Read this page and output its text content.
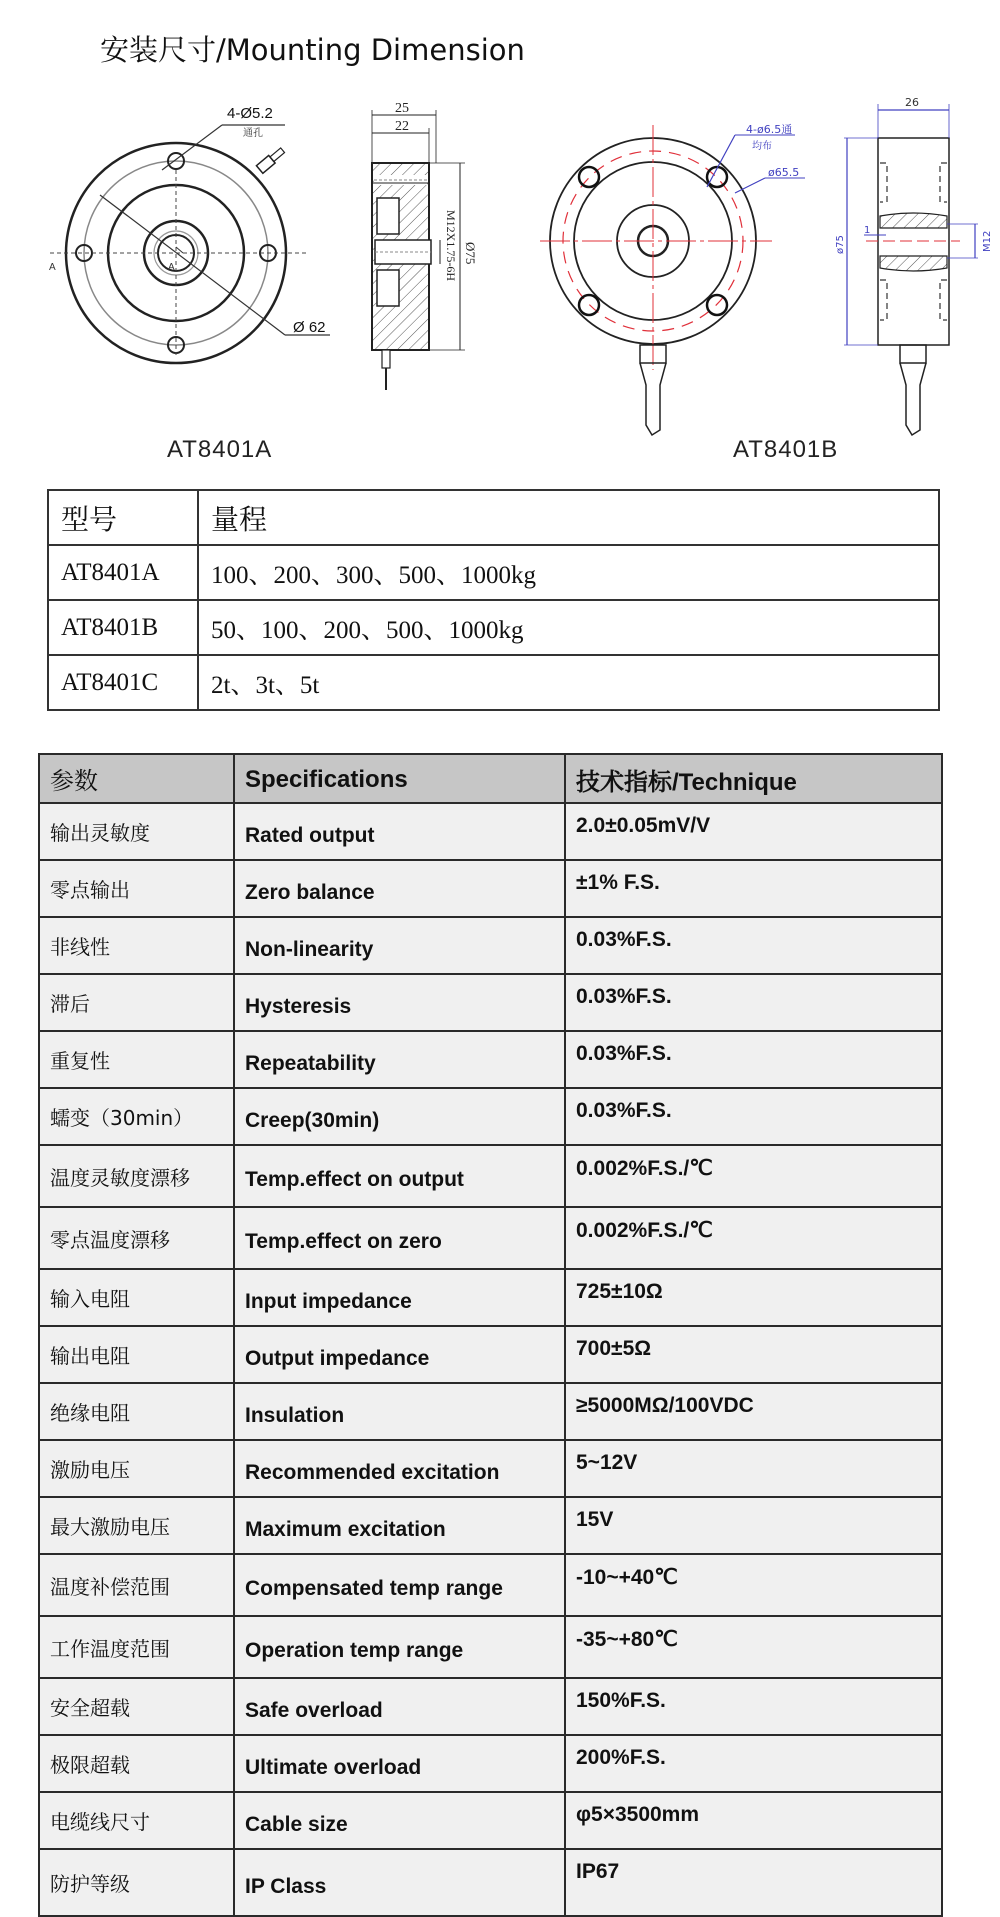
安装尺寸/Mounting Dimension
4-Ø5.2
通孔
Ø 62
A	A
25
22
Ø75
M12X1.75-6H
4-ø6.5通
均布
ø65.5
26
ø75	M12
1
AT8401A	AT8401B
型号	量程
AT8401A	100、200、300、500、1000kg
AT8401B	50、100、200、500、1000kg
AT8401C	2t、3t、5t
参数	Specifications	技术指标/Technique
输出灵敏度	Rated output	2.0±0.05mV/V
零点输出	Zero balance	±1% F.S.
非线性	Non-linearity	0.03%F.S.
滞后	Hysteresis	0.03%F.S.
重复性	Repeatability	0.03%F.S.
蠕变（30min）	Creep(30min)	0.03%F.S.
温度灵敏度漂移	Temp.effect on output	0.002%F.S./℃
零点温度漂移	Temp.effect on zero	0.002%F.S./℃
输入电阻	Input impedance	725±10Ω
输出电阻	Output impedance	700±5Ω
绝缘电阻	Insulation	≥5000MΩ/100VDC
激励电压	Recommended excitation	5~12V
最大激励电压	Maximum excitation	15V
温度补偿范围	Compensated temp range	-10~+40℃
工作温度范围	Operation temp range	-35~+80℃
安全超载	Safe overload	150%F.S.
极限超载	Ultimate overload	200%F.S.
电缆线尺寸	Cable size	φ5×3500mm
防护等级	IP Class	IP67
